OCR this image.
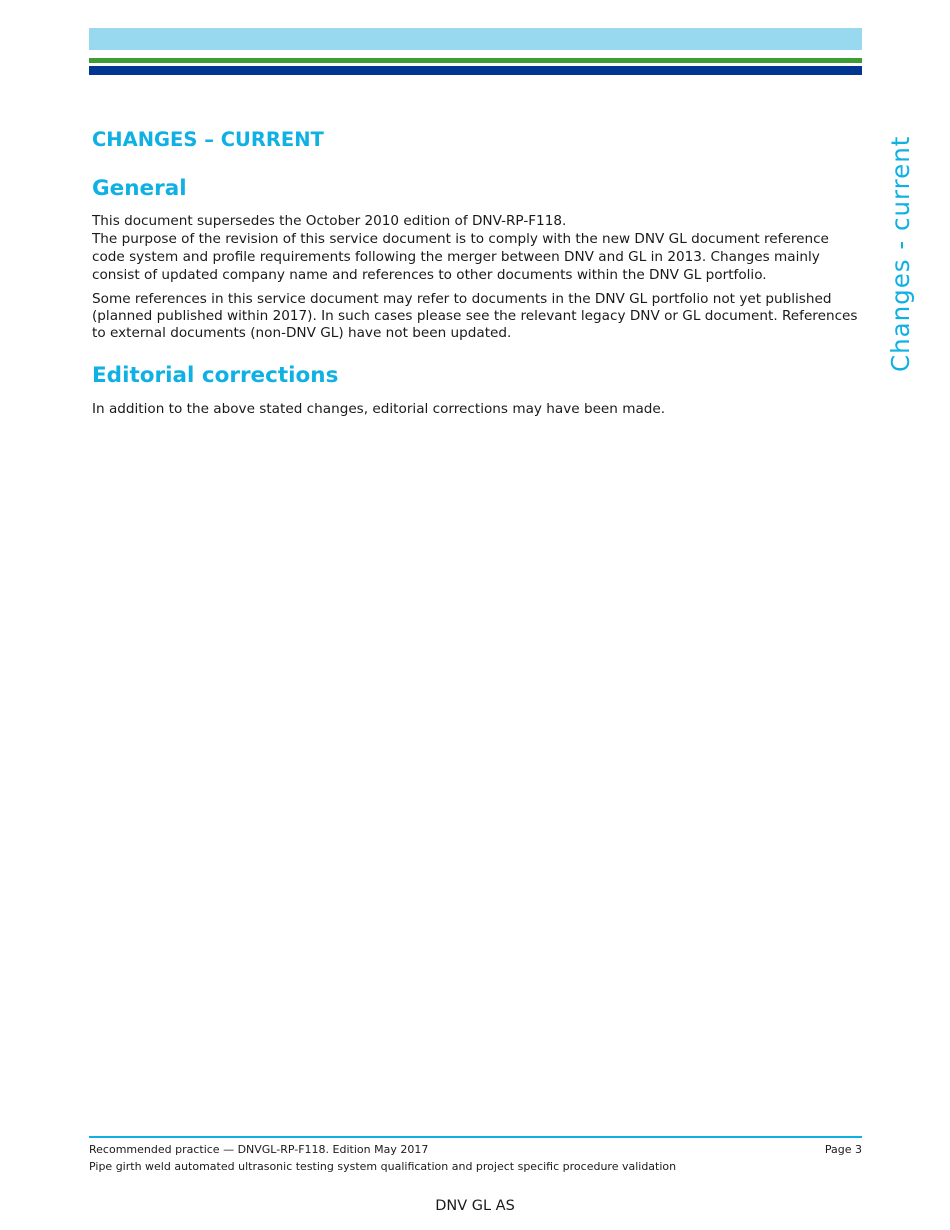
Changes - current
CHANGES – CURRENT
General

This document supersedes the October 2010 edition of DNV-RP-F118.

The purpose of the revision of this service document is to comply with the new DNV GL document reference code system and profile requirements following the merger between DNV and GL in 2013. Changes mainly consist of updated company name and references to other documents within the DNV GL portfolio.

Some references in this service document may refer to documents in the DNV GL portfolio not yet published (planned published within 2017). In such cases please see the relevant legacy DNV or GL document. References to external documents (non-DNV GL) have not been updated.

Editorial corrections

In addition to the above stated changes, editorial corrections may have been made.

Recommended practice — DNVGL-RP-F118. Edition May 2017
Pipe girth weld automated ultrasonic testing system qualification and project specific procedure validation
Page 3
DNV GL AS
